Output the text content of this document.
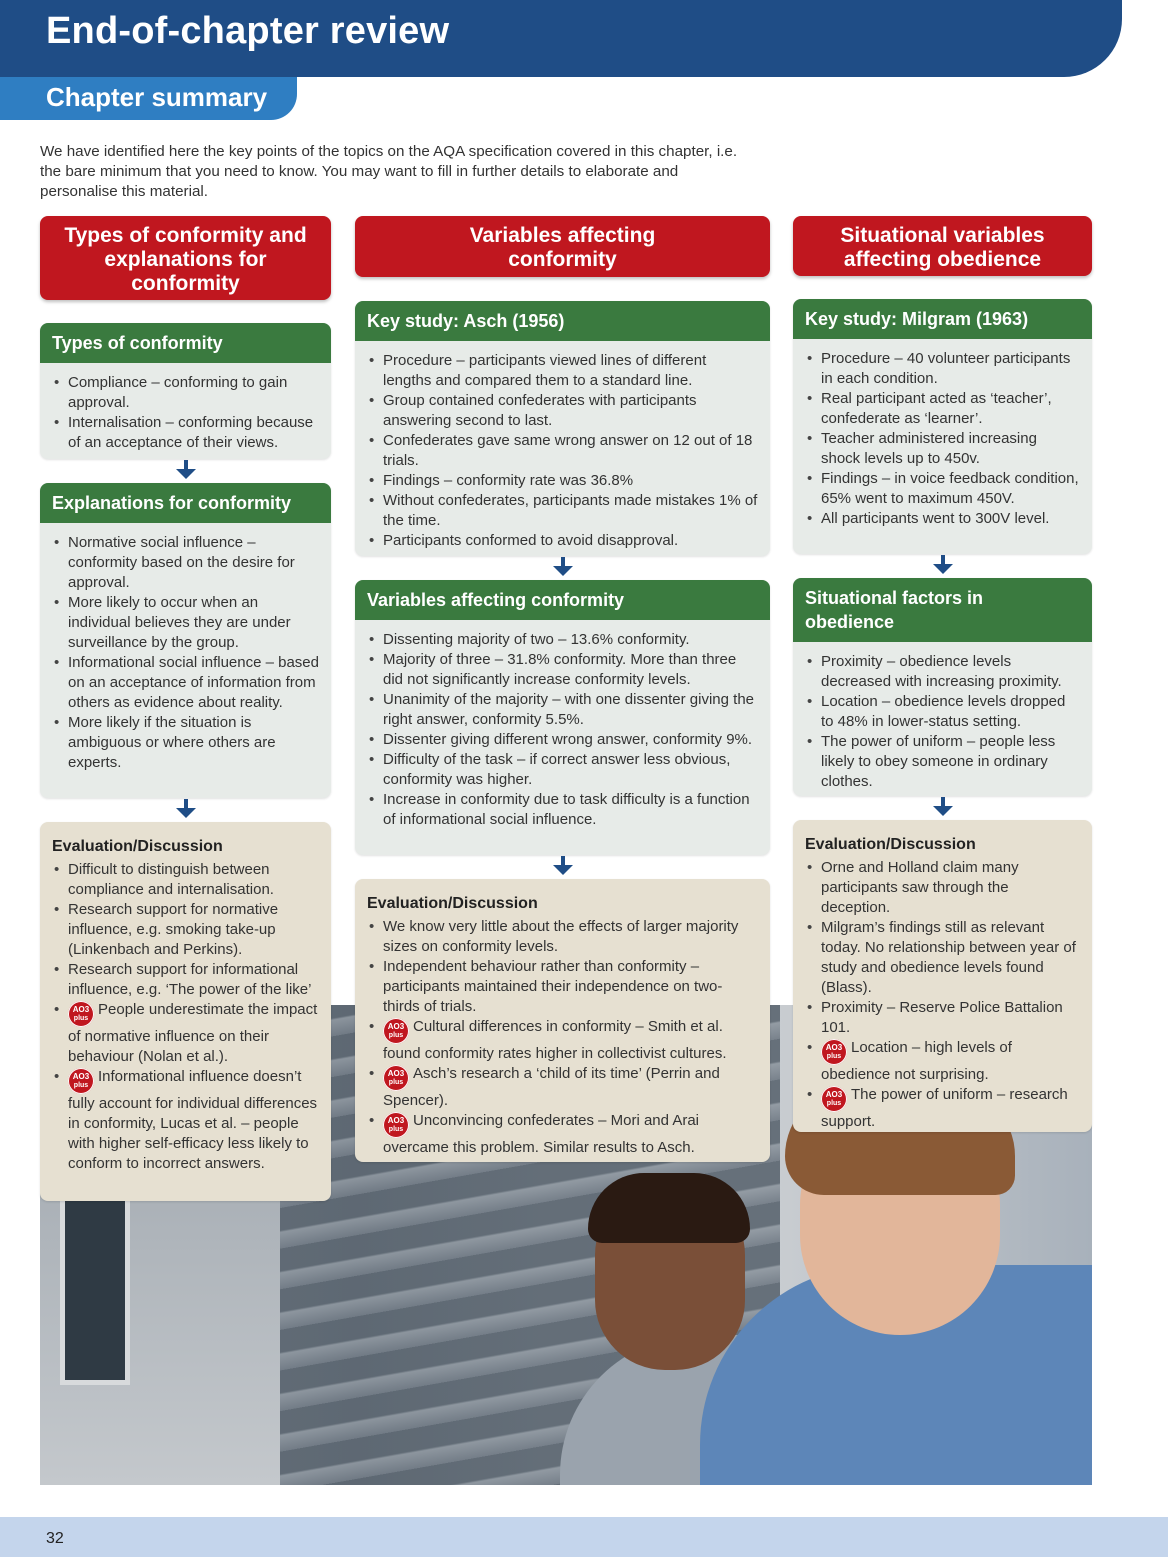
End-of-chapter review
Chapter summary

We have identified here the key points of the topics on the AQA specification covered in this chapter, i.e. the bare minimum that you need to know. You may want to fill in further details to elaborate and personalise this material.

Types of conformity and explanations for conformity
Types of conformity
• Compliance – conforming to gain approval.
• Internalisation – conforming because of an acceptance of their views.
Explanations for conformity
• Normative social influence – conformity based on the desire for approval.
• More likely to occur when an individual believes they are under surveillance by the group.
• Informational social influence – based on an acceptance of information from others as evidence about reality.
• More likely if the situation is ambiguous or where others are experts.
Evaluation/Discussion
• Difficult to distinguish between compliance and internalisation.
• Research support for normative influence, e.g. smoking take-up (Linkenbach and Perkins).
• Research support for informational influence, e.g. ‘The power of the like’
• AO3
plus
People underestimate the impact of normative influence on their behaviour (Nolan et al.).
• AO3
plus
Informational influence doesn’t fully account for individual differences in conformity, Lucas et al. – people with higher self-efficacy less likely to conform to incorrect answers.
Variables affecting conformity
Key study: Asch (1956)
• Procedure – participants viewed lines of different lengths and compared them to a standard line.
• Group contained confederates with participants answering second to last.
• Confederates gave same wrong answer on 12 out of 18 trials.
• Findings – conformity rate was 36.8%
• Without confederates, participants made mistakes 1% of the time.
• Participants conformed to avoid disapproval.
Variables affecting conformity
• Dissenting majority of two – 13.6% conformity.
• Majority of three – 31.8% conformity. More than three did not significantly increase conformity levels.
• Unanimity of the majority – with one dissenter giving the right answer, conformity 5.5%.
• Dissenter giving different wrong answer, conformity 9%.
• Difficulty of the task – if correct answer less obvious, conformity was higher.
• Increase in conformity due to task difficulty is a function of informational social influence.
Evaluation/Discussion
• We know very little about the effects of larger majority sizes on conformity levels.
• Independent behaviour rather than conformity – participants maintained their independence on two-thirds of trials.
• AO3
plus
Cultural differences in conformity – Smith et al. found conformity rates higher in collectivist cultures.
• AO3
plus
Asch’s research a ‘child of its time’ (Perrin and Spencer).
• AO3
plus
Unconvincing confederates – Mori and Arai overcame this problem. Similar results to Asch.
Situational variables affecting obedience
Key study: Milgram (1963)
• Procedure – 40 volunteer participants in each condition.
• Real participant acted as ‘teacher’, confederate as ‘learner’.
• Teacher administered increasing shock levels up to 450v.
• Findings – in voice feedback condition, 65% went to maximum 450V.
• All participants went to 300V level.
Situational factors in obedience
• Proximity – obedience levels decreased with increasing proximity.
• Location – obedience levels dropped to 48% in lower-status setting.
• The power of uniform – people less likely to obey someone in ordinary clothes.
Evaluation/Discussion
• Orne and Holland claim many participants saw through the deception.
• Milgram’s findings still as relevant today. No relationship between year of study and obedience levels found (Blass).
• Proximity – Reserve Police Battalion 101.
• AO3
plus
Location – high levels of obedience not surprising.
• AO3
plus
The power of uniform – research support.
32
